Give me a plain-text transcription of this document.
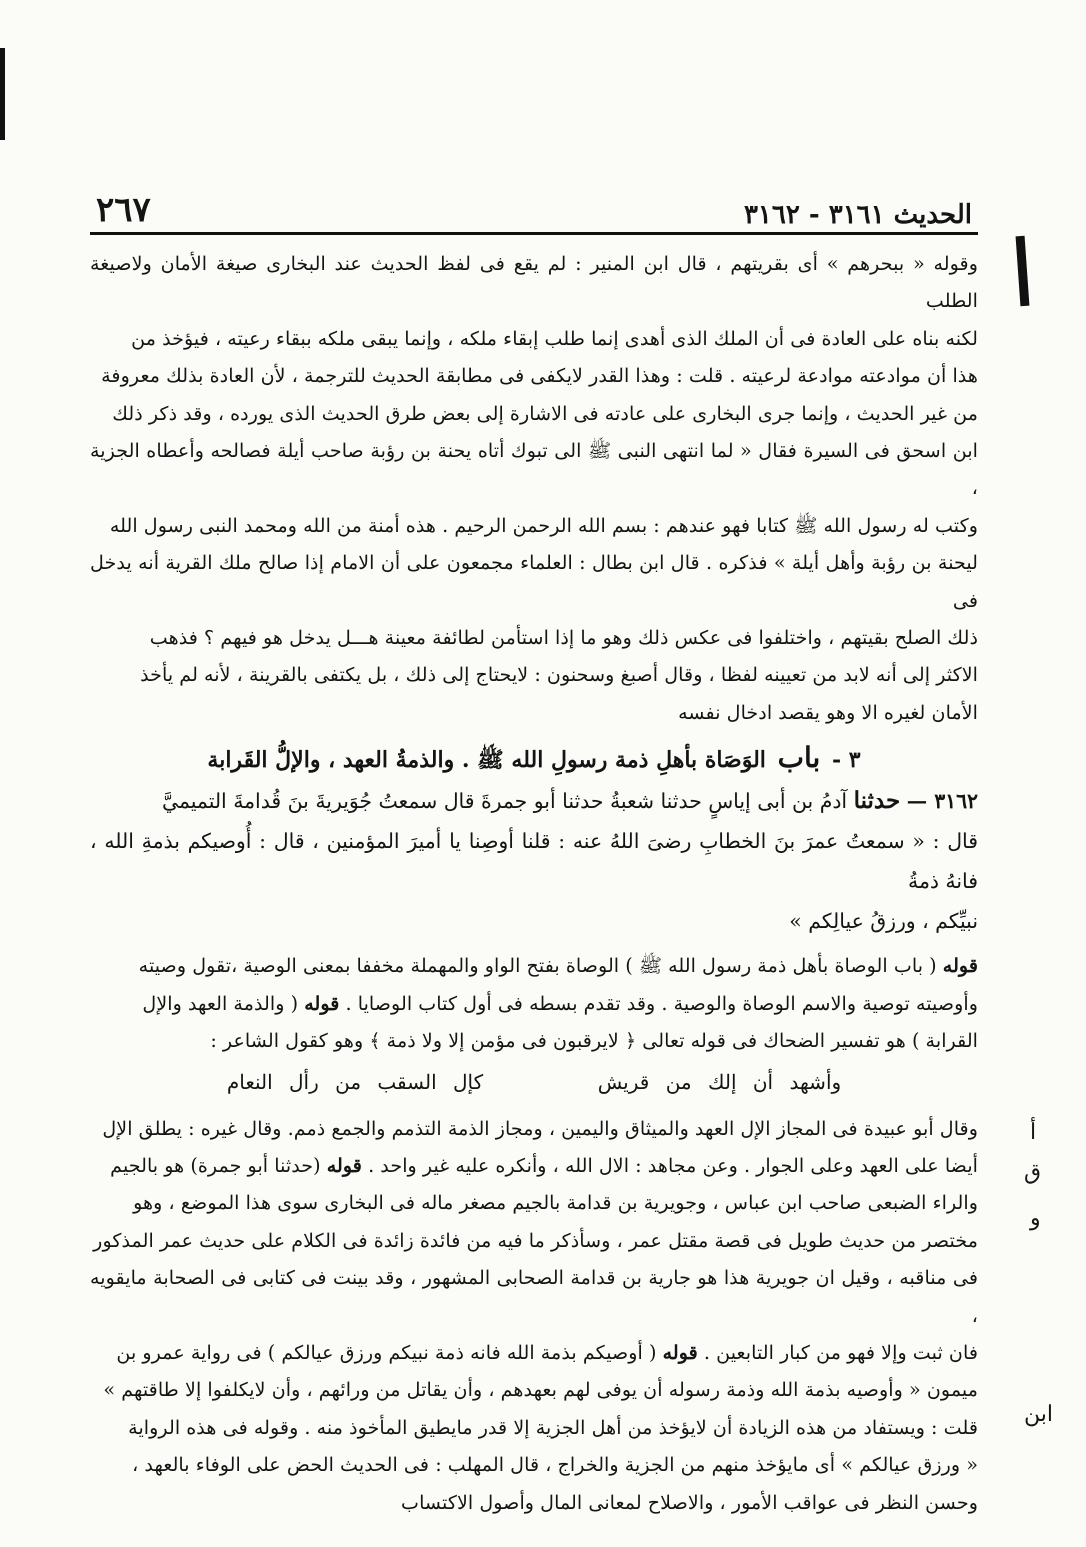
الحديث ٣١٦١ - ٣١٦٢
٢٦٧

وقوله « ببحرهم » أى بقريتهم ، قال ابن المنير : لم يقع فى لفظ الحديث عند البخارى صيغة الأمان ولاصيغة الطلب

لكنه بناه على العادة فى أن الملك الذى أهدى إنما طلب إبقاء ملكه ، وإنما يبقى ملكه ببقاء رعيته ، فيؤخذ من

هذا أن موادعته موادعة لرعيته . قلت : وهذا القدر لايكفى فى مطابقة الحديث للترجمة ، لأن العادة بذلك معروفة

من غير الحديث ، وإنما جرى البخارى على عادته فى الاشارة إلى بعض طرق الحديث الذى يورده ، وقد ذكر ذلك

ابن اسحق فى السيرة فقال « لما انتهى النبى ﷺ الى تبوك أتاه يحنة بن رؤبة صاحب أيلة فصالحه وأعطاه الجزية ،

وكتب له رسول الله ﷺ كتابا فهو عندهم : بسم الله الرحمن الرحيم . هذه أمنة من الله ومحمد النبى رسول الله

ليحنة بن رؤبة وأهل أيلة » فذكره . قال ابن بطال : العلماء مجمعون على أن الامام إذا صالح ملك القرية أنه يدخل فى

ذلك الصلح بقيتهم ، واختلفوا فى عكس ذلك وهو ما إذا استأمن لطائفة معينة هـــل يدخل هو فيهم ؟ فذهب

الاكثر إلى أنه لابد من تعيينه لفظا ، وقال أصبغ وسحنون : لايحتاج إلى ذلك ، بل يكتفى بالقرينة ، لأنه لم يأخذ

الأمان لغيره الا وهو يقصد ادخال نفسه

٣ - باب الوَصَاة بأهلِ ذمة رسولِ الله ﷺ . والذمةُ العهد ، والإلُّ القَرابة

٣١٦٢ — حدثنا آدمُ بن أبى إياسٍ حدثنا شعبةُ حدثنا أبو جمرةَ قال سمعتُ جُوَيريةَ بنَ قُدامةَ التميميَّ

قال : « سمعتُ عمرَ بنَ الخطابِ رضىَ اللهُ عنه : قلنا أوصِنا يا أميرَ المؤمنين ، قال : أُوصيكم بذمةِ الله ، فانهُ ذمةُ

نبيِّكم ، ورزقُ عيالِكم »

قوله ( باب الوصاة بأهل ذمة رسول الله ﷺ ) الوصاة بفتح الواو والمهملة مخففا بمعنى الوصية ،تقول وصيته

وأوصيته توصية والاسم الوصاة والوصية . وقد تقدم بسطه فى أول كتاب الوصايا . قوله ( والذمة العهد والإل

القرابة ) هو تفسير الضحاك فى قوله تعالى ﴿ لايرقبون فى مؤمن إلا ولا ذمة ﴾ وهو كقول الشاعر :

وأشهد أن إلك من قريش       كإل السقب من رأل النعام

وقال أبو عبيدة فى المجاز الإل العهد والميثاق واليمين ، ومجاز الذمة التذمم والجمع ذمم. وقال غيره : يطلق الإل

أيضا على العهد وعلى الجوار . وعن مجاهد : الال الله ، وأنكره عليه غير واحد . قوله (حدثنا أبو جمرة) هو بالجيم

والراء الضبعى صاحب ابن عباس ، وجويرية بن قدامة بالجيم مصغر ماله فى البخارى سوى هذا الموضع ، وهو

مختصر من حديث طويل فى قصة مقتل عمر ، وسأذكر ما فيه من فائدة زائدة فى الكلام على حديث عمر المذكور

فى مناقبه ، وقيل ان جويرية هذا هو جارية بن قدامة الصحابى المشهور ، وقد بينت فى كتابى فى الصحابة مايقويه ،

فان ثبت وإلا فهو من كبار التابعين . قوله ( أوصيكم بذمة الله فانه ذمة نبيكم ورزق عيالكم ) فى رواية عمرو بن

ميمون « وأوصيه بذمة الله وذمة رسوله أن يوفى لهم بعهدهم ، وأن يقاتل من ورائهم ، وأن لايكلفوا إلا طاقتهم »

قلت : ويستفاد من هذه الزيادة أن لايؤخذ من أهل الجزية إلا قدر مايطيق المأخوذ منه . وقوله فى هذه الرواية

« ورزق عيالكم » أى مايؤخذ منهم من الجزية والخراج ، قال المهلب : فى الحديث الحض على الوفاء بالعهد ،

وحسن النظر فى عواقب الأمور ، والاصلاح لمعانى المال وأصول الاكتساب

أ
ق
و
ابن
